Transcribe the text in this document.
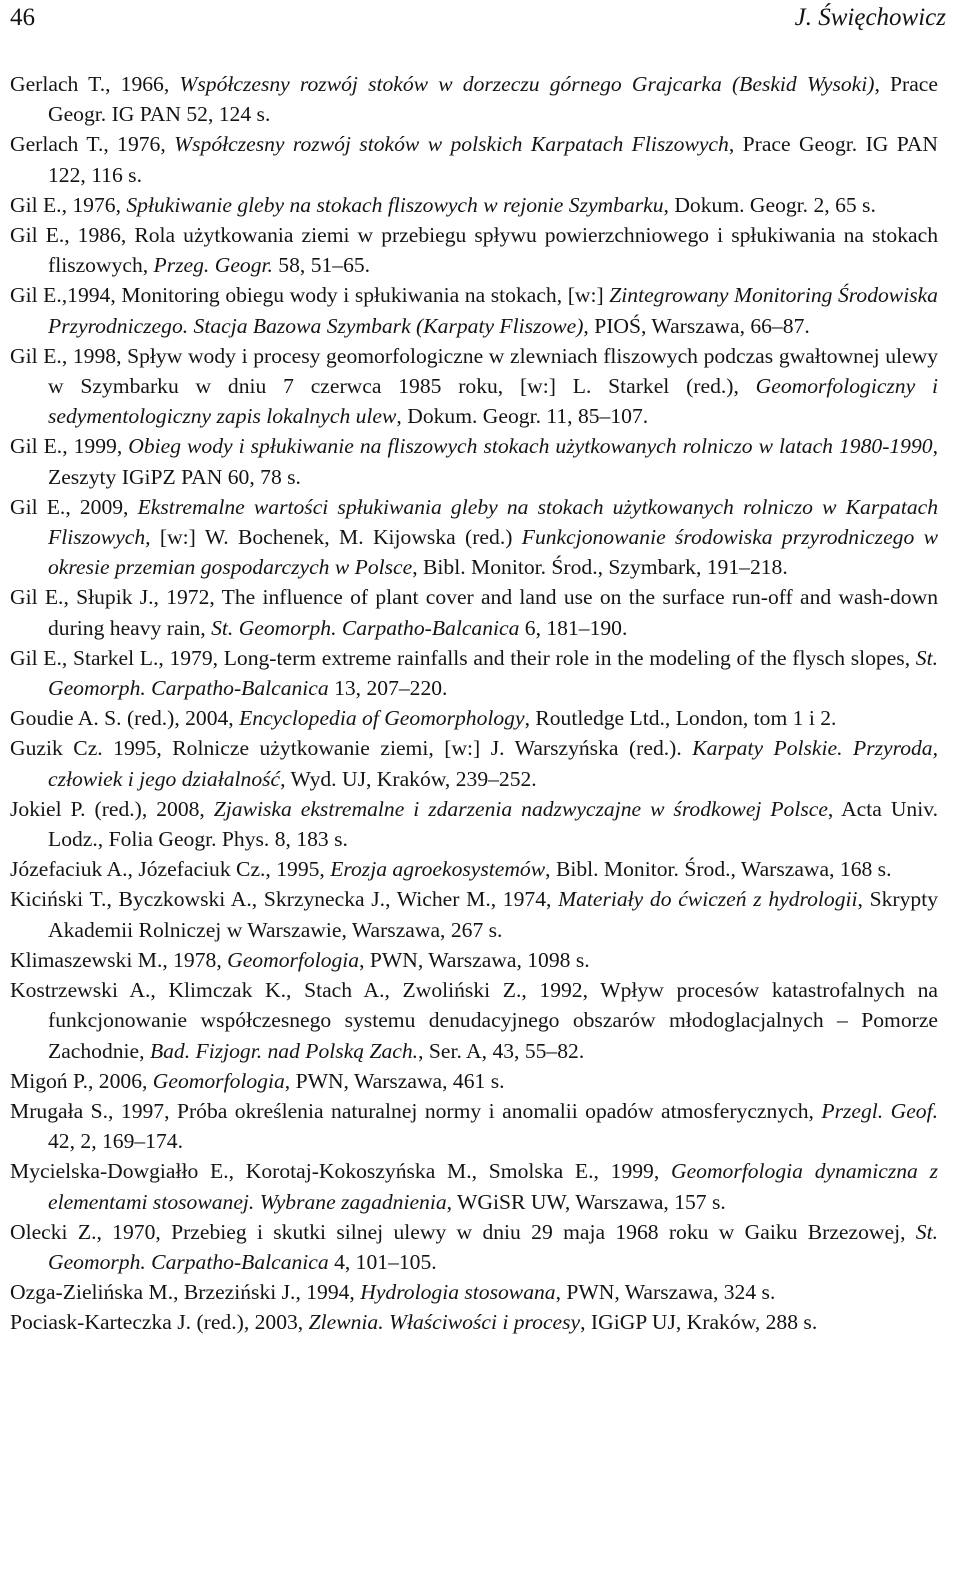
46	J. Święchowicz
Gerlach T., 1966, Współczesny rozwój stoków w dorzeczu górnego Grajcarka (Beskid Wysoki), Prace Geogr. IG PAN 52, 124 s.
Gerlach T., 1976, Współczesny rozwój stoków w polskich Karpatach Fliszowych, Prace Geogr. IG PAN 122, 116 s.
Gil E., 1976, Spłukiwanie gleby na stokach fliszowych w rejonie Szymbarku, Dokum. Geogr. 2, 65 s.
Gil E., 1986, Rola użytkowania ziemi w przebiegu spływu powierzchniowego i spłukiwania na stokach fliszowych, Przeg. Geogr. 58, 51–65.
Gil E.,1994, Monitoring obiegu wody i spłukiwania na stokach, [w:] Zintegrowany Monitoring Środowiska Przyrodniczego. Stacja Bazowa Szymbark (Karpaty Fliszowe), PIOŚ, Warszawa, 66–87.
Gil E., 1998, Spływ wody i procesy geomorfologiczne w zlewniach fliszowych podczas gwałtownej ulewy w Szymbarku w dniu 7 czerwca 1985 roku, [w:] L. Starkel (red.), Geomorfologiczny i sedymentologiczny zapis lokalnych ulew, Dokum. Geogr. 11, 85–107.
Gil E., 1999, Obieg wody i spłukiwanie na fliszowych stokach użytkowanych rolniczo w latach 1980-1990, Zeszyty IGiPZ PAN 60, 78 s.
Gil E., 2009, Ekstremalne wartości spłukiwania gleby na stokach użytkowanych rolniczo w Karpatach Fliszowych, [w:] W. Bochenek, M. Kijowska (red.) Funkcjonowanie środowiska przyrodniczego w okresie przemian gospodarczych w Polsce, Bibl. Monitor. Środ., Szymbark, 191–218.
Gil E., Słupik J., 1972, The influence of plant cover and land use on the surface run-off and wash-down during heavy rain, St. Geomorph. Carpatho-Balcanica 6, 181–190.
Gil E., Starkel L., 1979, Long-term extreme rainfalls and their role in the modeling of the flysch slopes, St. Geomorph. Carpatho-Balcanica 13, 207–220.
Goudie A. S. (red.), 2004, Encyclopedia of Geomorphology, Routledge Ltd., London, tom 1 i 2.
Guzik Cz. 1995, Rolnicze użytkowanie ziemi, [w:] J. Warszyńska (red.). Karpaty Polskie. Przyroda, człowiek i jego działalność, Wyd. UJ, Kraków, 239–252.
Jokiel P. (red.), 2008, Zjawiska ekstremalne i zdarzenia nadzwyczajne w środkowej Polsce, Acta Univ. Lodz., Folia Geogr. Phys. 8, 183 s.
Józefaciuk A., Józefaciuk Cz., 1995, Erozja agroekosystemów, Bibl. Monitor. Środ., Warszawa, 168 s.
Kiciński T., Byczkowski A., Skrzynecka J., Wicher M., 1974, Materiały do ćwiczeń z hydrologii, Skrypty Akademii Rolniczej w Warszawie, Warszawa, 267 s.
Klimaszewski M., 1978, Geomorfologia, PWN, Warszawa, 1098 s.
Kostrzewski A., Klimczak K., Stach A., Zwoliński Z., 1992, Wpływ procesów katastrofalnych na funkcjonowanie współczesnego systemu denudacyjnego obszarów młodoglacjalnych – Pomorze Zachodnie, Bad. Fizjogr. nad Polską Zach., Ser. A, 43, 55–82.
Migoń P., 2006, Geomorfologia, PWN, Warszawa, 461 s.
Mrugała S., 1997, Próba określenia naturalnej normy i anomalii opadów atmosferycznych, Przegl. Geof. 42, 2, 169–174.
Mycielska-Dowgiałło E., Korotaj-Kokoszyńska M., Smolska E., 1999, Geomorfologia dynamiczna z elementami stosowanej. Wybrane zagadnienia, WGiSR UW, Warszawa, 157 s.
Olecki Z., 1970, Przebieg i skutki silnej ulewy w dniu 29 maja 1968 roku w Gaiku Brzezowej, St. Geomorph. Carpatho-Balcanica 4, 101–105.
Ozga-Zielińska M., Brzeziński J., 1994, Hydrologia stosowana, PWN, Warszawa, 324 s.
Pociask-Karteczka J. (red.), 2003, Zlewnia. Właściwości i procesy, IGiGP UJ, Kraków, 288 s.
